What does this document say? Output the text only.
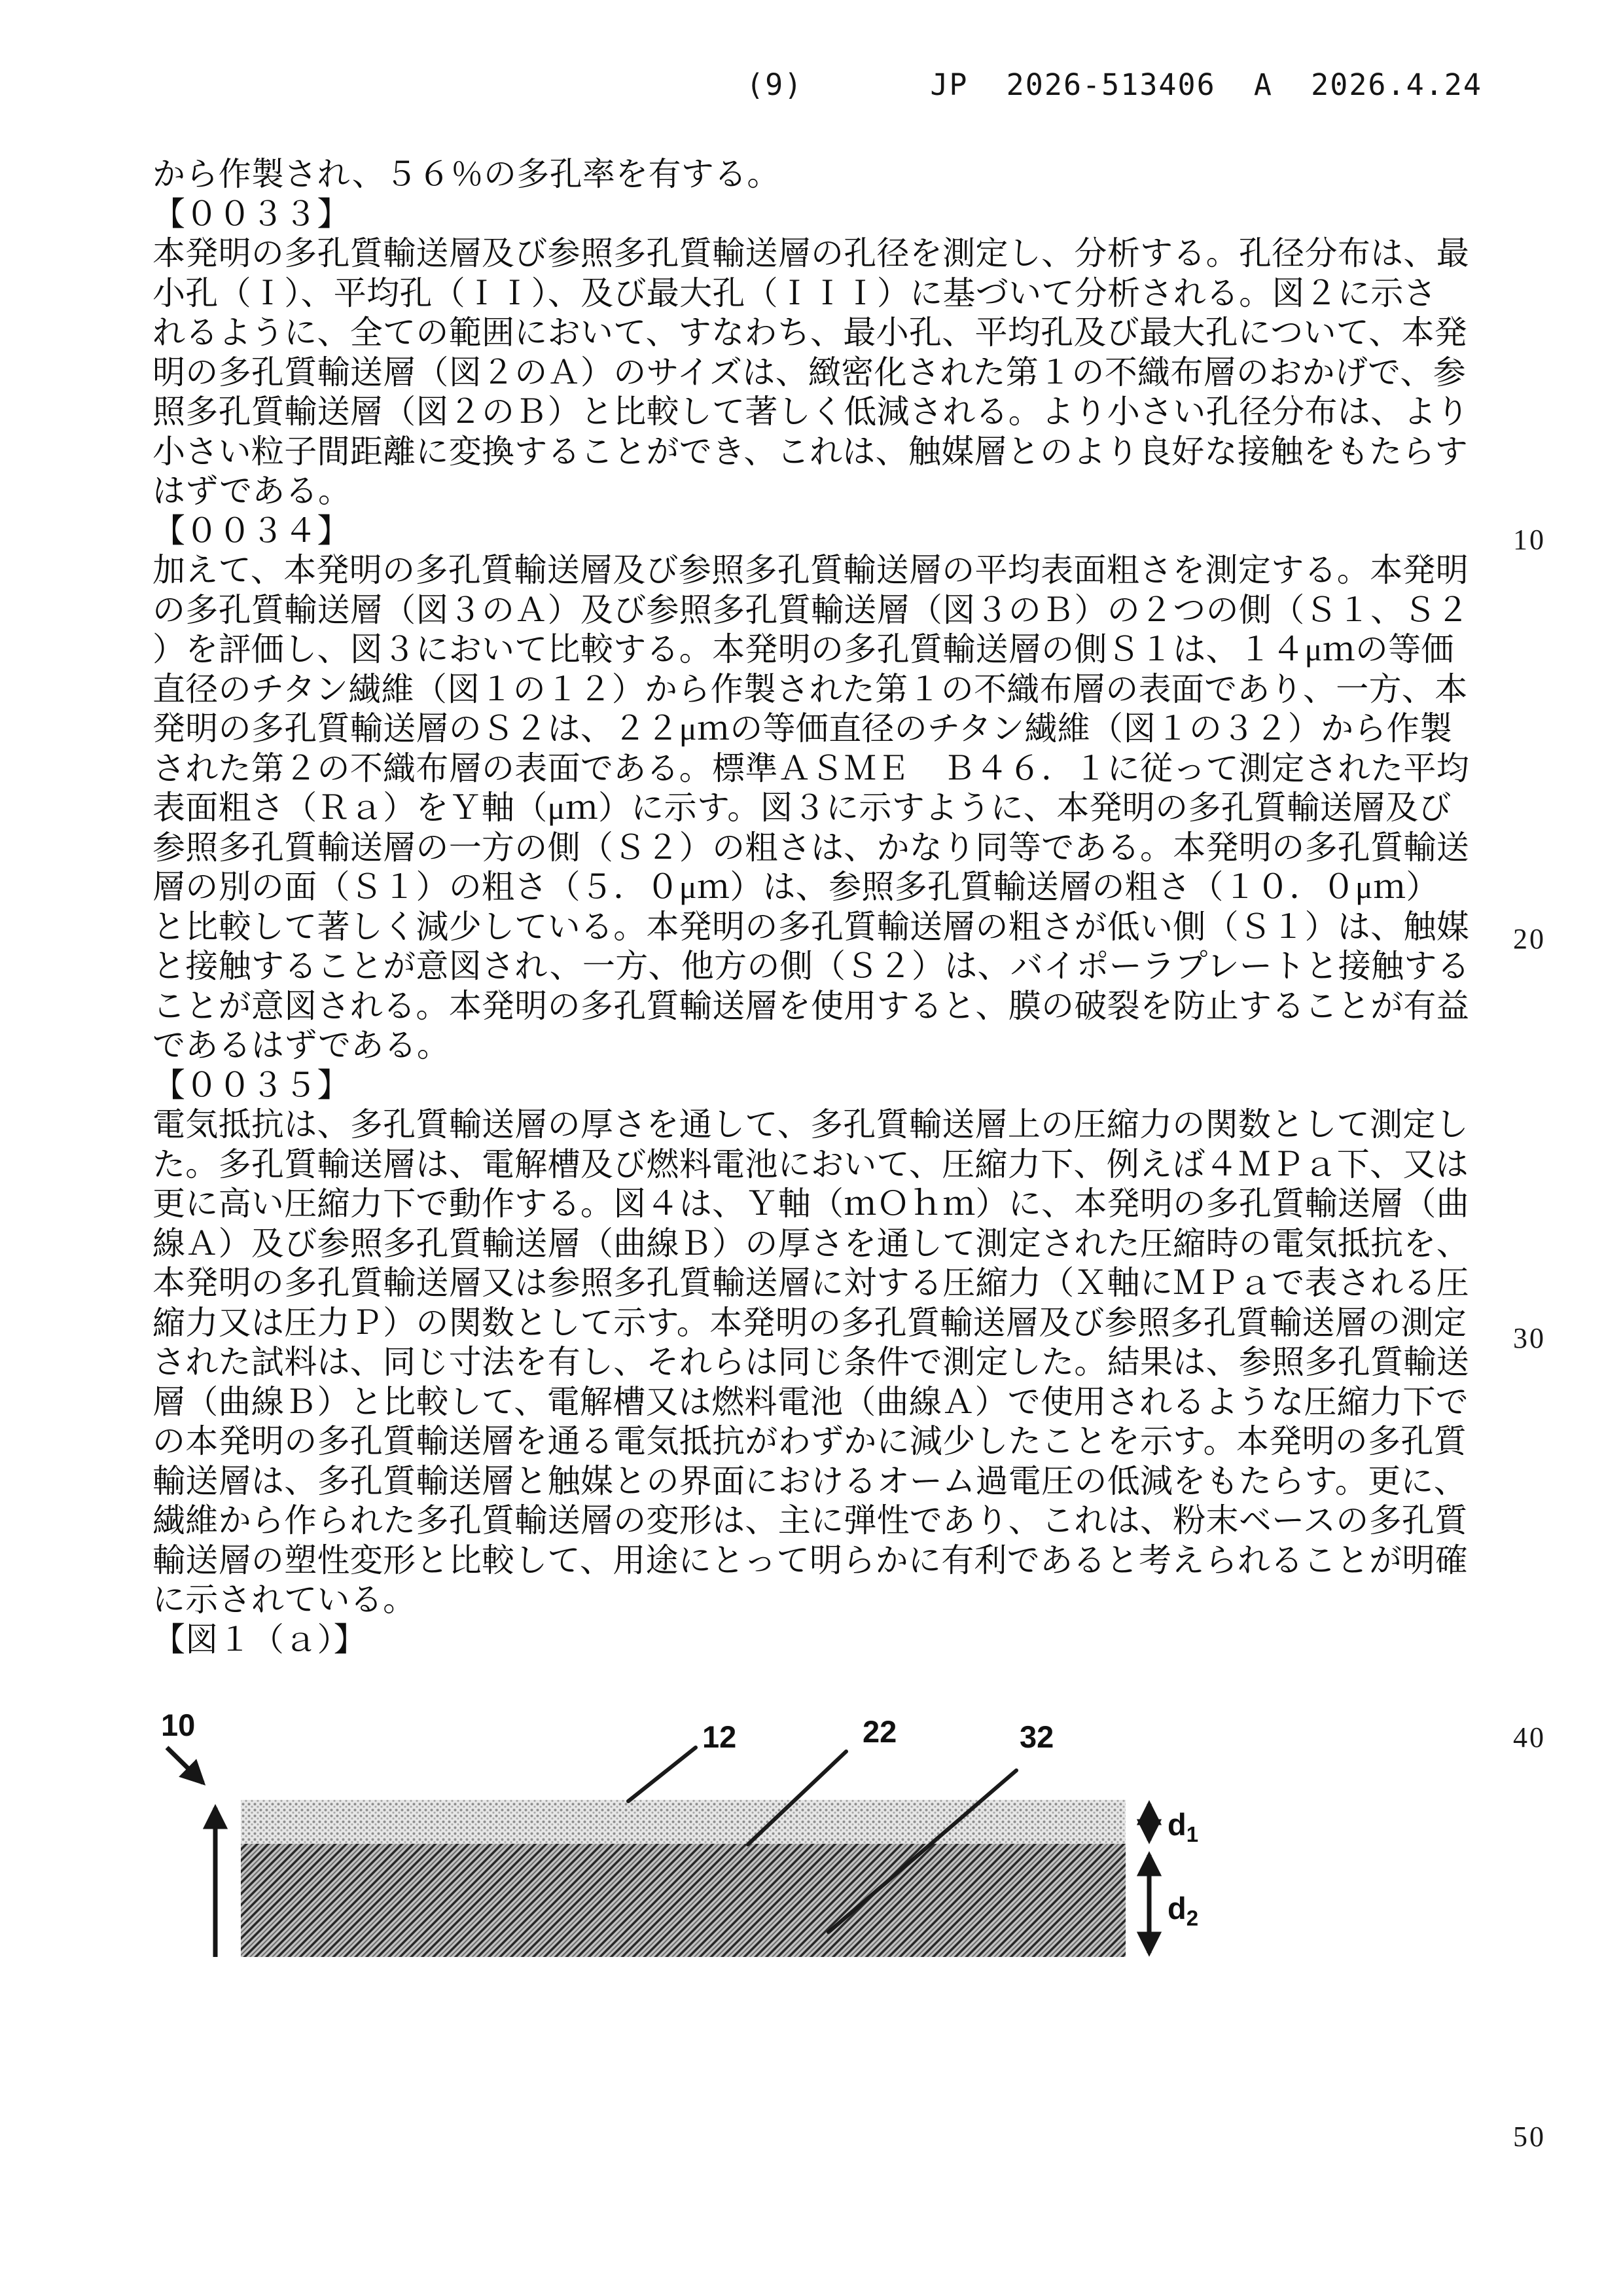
(9)	JP  2026-513406  A  2026.4.24
から作製され、５６％の多孔率を有する。
【００３３】
本発明の多孔質輸送層及び参照多孔質輸送層の孔径を測定し、分析する。孔径分布は、最
小孔（Ｉ）、平均孔（ＩＩ）、及び最大孔（ＩＩＩ）に基づいて分析される。図２に示さ
れるように、全ての範囲において、すなわち、最小孔、平均孔及び最大孔について、本発
明の多孔質輸送層（図２のＡ）のサイズは、緻密化された第１の不織布層のおかげで、参
照多孔質輸送層（図２のＢ）と比較して著しく低減される。より小さい孔径分布は、より
小さい粒子間距離に変換することができ、これは、触媒層とのより良好な接触をもたらす
はずである。
【００３４】
加えて、本発明の多孔質輸送層及び参照多孔質輸送層の平均表面粗さを測定する。本発明
の多孔質輸送層（図３のＡ）及び参照多孔質輸送層（図３のＢ）の２つの側（Ｓ１、Ｓ２
）を評価し、図３において比較する。本発明の多孔質輸送層の側Ｓ１は、１４μｍの等価
直径のチタン繊維（図１の１２）から作製された第１の不織布層の表面であり、一方、本
発明の多孔質輸送層のＳ２は、２２μｍの等価直径のチタン繊維（図１の３２）から作製
された第２の不織布層の表面である。標準ＡＳＭＥ　Ｂ４６．１に従って測定された平均
表面粗さ（Ｒａ）をＹ軸（μｍ）に示す。図３に示すように、本発明の多孔質輸送層及び
参照多孔質輸送層の一方の側（Ｓ２）の粗さは、かなり同等である。本発明の多孔質輸送
層の別の面（Ｓ１）の粗さ（５．０μｍ）は、参照多孔質輸送層の粗さ（１０．０μｍ）
と比較して著しく減少している。本発明の多孔質輸送層の粗さが低い側（Ｓ１）は、触媒
と接触することが意図され、一方、他方の側（Ｓ２）は、バイポーラプレートと接触する
ことが意図される。本発明の多孔質輸送層を使用すると、膜の破裂を防止することが有益
であるはずである。
【００３５】
電気抵抗は、多孔質輸送層の厚さを通して、多孔質輸送層上の圧縮力の関数として測定し
た。多孔質輸送層は、電解槽及び燃料電池において、圧縮力下、例えば４ＭＰａ下、又は
更に高い圧縮力下で動作する。図４は、Ｙ軸（ｍＯｈｍ）に、本発明の多孔質輸送層（曲
線Ａ）及び参照多孔質輸送層（曲線Ｂ）の厚さを通して測定された圧縮時の電気抵抗を、
本発明の多孔質輸送層又は参照多孔質輸送層に対する圧縮力（Ｘ軸にＭＰａで表される圧
縮力又は圧力Ｐ）の関数として示す。本発明の多孔質輸送層及び参照多孔質輸送層の測定
された試料は、同じ寸法を有し、それらは同じ条件で測定した。結果は、参照多孔質輸送
層（曲線Ｂ）と比較して、電解槽又は燃料電池（曲線Ａ）で使用されるような圧縮力下で
の本発明の多孔質輸送層を通る電気抵抗がわずかに減少したことを示す。本発明の多孔質
輸送層は、多孔質輸送層と触媒との界面におけるオーム過電圧の低減をもたらす。更に、
繊維から作られた多孔質輸送層の変形は、主に弾性であり、これは、粉末ベースの多孔質
輸送層の塑性変形と比較して、用途にとって明らかに有利であると考えられることが明確
に示されている。
【図１（ａ）】
10
20
30
40
50
10	12	22	32
$d_1$
$d_2$
